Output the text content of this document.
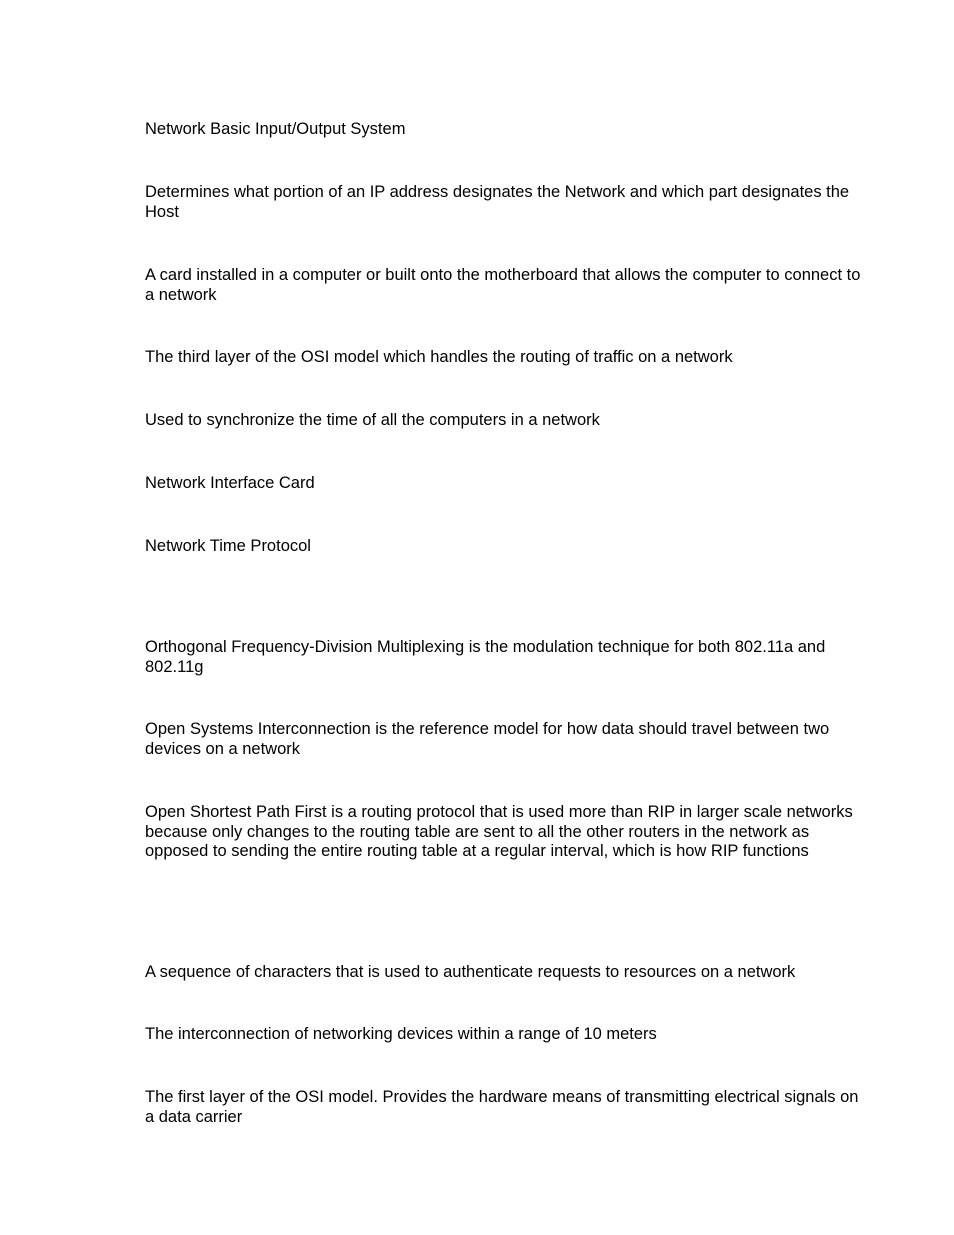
Network Basic Input/Output System

Determines what portion of an IP address designates the Network and which part designates the Host

A card installed in a computer or built onto the motherboard that allows the computer to connect to a network

The third layer of the OSI model which handles the routing of traffic on a network

Used to synchronize the time of all the computers in a network

Network Interface Card

Network Time Protocol

Orthogonal Frequency-Division Multiplexing is the modulation technique for both 802.11a and 802.11g

Open Systems Interconnection is the reference model for how data should travel between two devices on a network

Open Shortest Path First is a routing protocol that is used more than RIP in larger scale networks because only changes to the routing table are sent to all the other routers in the network as opposed to sending the entire routing table at a regular interval, which is how RIP functions

A sequence of characters that is used to authenticate requests to resources on a network

The interconnection of networking devices within a range of 10 meters

The first layer of the OSI model. Provides the hardware means of transmitting electrical signals on a data carrier
